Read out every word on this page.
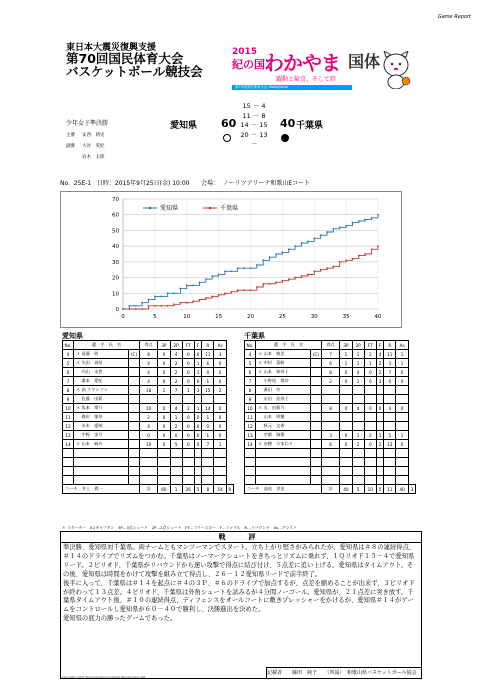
Game Report
東日本大震災復興支援
第70回国民体育大会
バスケットボール競技会
2015
紀の国 わかやま 国体
躍動と歓喜、そして絆
第70回国民体育大会 Wakayama
少年女子準決勝
主審 安西　朗史
副審 大谷　英紀
岩木　太郎
愛知県 60
15 － 4
11 － 8
14 － 15
20 － 13
－
40 千葉県
No.  25E-1   日時：2015年9月25日(金) 10:00      会場：  ノーリツアリーナ和歌山Eコート
0
10
20
30
40
50
60
70
0	5	10	15	20	25	30	35	40
愛知県	千葉県
愛知県
No.	選　手　氏　名		得点	3P	2P	FT	F	R	As	
4	＊ 遠藤　明	(C)	8	0	4	0	0	11	3	
5	＊ 矢田　真結		4	0	2	0	1	6	0	
6	　 内山　未悠		4	0	2	0	1	0	0	
7	　 桑本　愛紀		4	0	2	0	0	1	0	
8	＊ 高 スワンソン		18	1	7	1	3	15	2	
9	　 佐藤　由莉									
10	＊ 坂本　摩乃		10	0	4	2	1	14	0	
11	　 梅沢　郁奈		2	0	1	0	0	1	0	
12	　 赤木　愛純		4	0	2	0	0	0	0	
13	　 宇野　実月		0	0	0	0	0	1	0	
14	＊ 山本　麻衣		10	0	5	0	0	7	1	

コーチ　井上　眞一			計	60	1	26	5	8	54	9
千葉県
No.	選　手　氏　名		得点	3P	2P	FT	F	R	As	
4	＊ 山本　典美	(C)	7	1	1	2	4	11	1	
5	＊ 中村　菜帆		6	1	1	1	2	3	1	
6	＊ 山本　知奈子		8	0	4	0	2	7	0	
7	　 小野尾　梨紗		2	0	1	0	3	0	0	
8	　 濱田　怜									
9	　 永田　佳奈子									
10	＊ 丸　由莉乃		8	0	4	0	0	4	0	
11	　 山本　明穂									
12	　 秋元　文香									
13	　 空閑　瑞葉		3	0	1	2	1	5	1	
14	＊ 赤穂　ひまわり		6	0	2	0	2	13	0	

コーチ　高松　淳史			計	40	5	10	5	11	40	3
＊ スターター　(C)キャプテン　3P…3点シュート　2P…2点シュート　FT…フリースロー　F…ファウル　R…リバウンド　As…アシスト
戦　評
準決勝、愛知県対千葉県。両チームともマンツーマンでスタート。立ち上がり堅さがみられたが、愛知県は＃８の連続得点、＃１４のドライブでリズムをつかむ。千葉県はノーマークシュートをきちっとリズムに乗れず、１Ｑリオド１５－４で愛知県リード。２ピリオド、千葉県がリバウンドから速い攻撃で得点に結び付け、５点差に追い上げる。愛知県はタイムアウト。その後、愛知県は時間をかけて攻撃を組み立て得点し、２６－１２愛知県リードで前半終了。
後半に入って、千葉県は＃１４を起点に＃４の３Ｐ、＃６のドライブで加点するが、点差を縮めることが出来ず、３ピリオドが終わって１３点差。４ピリオド、千葉県は外角シュートを試みるが４分間ノーゴール。愛知県が、２１点差に突き放す。千葉県タイムアウト後、＃１０の連続得点、ディフェンスをオールコートに敷きプレッシャーをかけるが、愛知県＃１４がゲームをコントロールし愛知県が６０－４０で勝利し、決勝進出を決めた。
愛知県の底力の勝ったゲームであった。
記載者　　藤田　純子　　（所属）　和歌山県バスケットボール協会
Copyright(c) 2015 Toshi Engineering All Rights Reserved Ver.1.0R4
